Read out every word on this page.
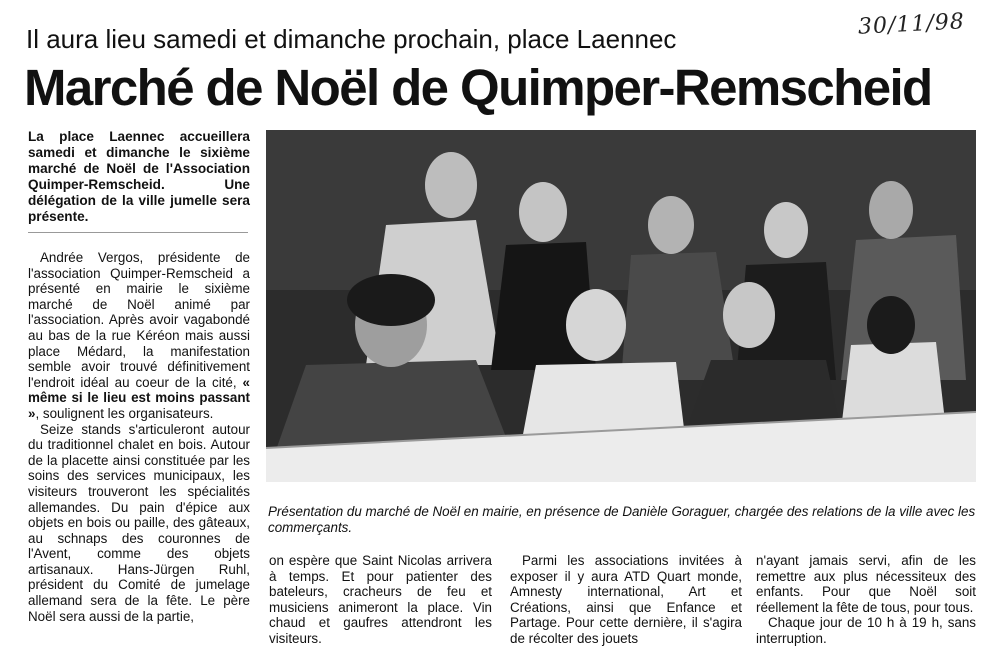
30/11/98
Il aura lieu samedi et dimanche prochain, place Laennec
Marché de Noël de Quimper-Remscheid

La place Laennec accueillera samedi et dimanche le sixième marché de Noël de l'Association Quimper-Remscheid. Une délégation de la ville jumelle sera présente.

Andrée Vergos, présidente de l'association Quimper-Remscheid a présenté en mairie le sixième marché de Noël animé par l'association. Après avoir vagabondé au bas de la rue Kéréon mais aussi place Médard, la manifestation semble avoir trouvé définitivement l'endroit idéal au coeur de la cité, « même si le lieu est moins passant », soulignent les organisateurs.
Seize stands s'articuleront autour du traditionnel chalet en bois. Autour de la placette ainsi constituée par les soins des services municipaux, les visiteurs trouveront les spécialités allemandes. Du pain d'épice aux objets en bois ou paille, des gâteaux, au schnaps des couronnes de l'Avent, comme des objets artisanaux. Hans-Jürgen Ruhl, président du Comité de jumelage allemand sera de la fête. Le père Noël sera aussi de la partie,

Présentation du marché de Noël en mairie, en présence de Danièle Goraguer, chargée des relations de la ville avec les commerçants.

on espère que Saint Nicolas arrivera à temps. Et pour patienter des bateleurs, cracheurs de feu et musiciens animeront la place. Vin chaud et gaufres attendront les visiteurs.

Parmi les associations invitées à exposer il y aura ATD Quart monde, Amnesty international, Art et Créations, ainsi que Enfance et Partage. Pour cette dernière, il s'agira de récolter des jouets

n'ayant jamais servi, afin de les remettre aux plus nécessiteux des enfants. Pour que Noël soit réellement la fête de tous, pour tous.
Chaque jour de 10 h à 19 h, sans interruption.
